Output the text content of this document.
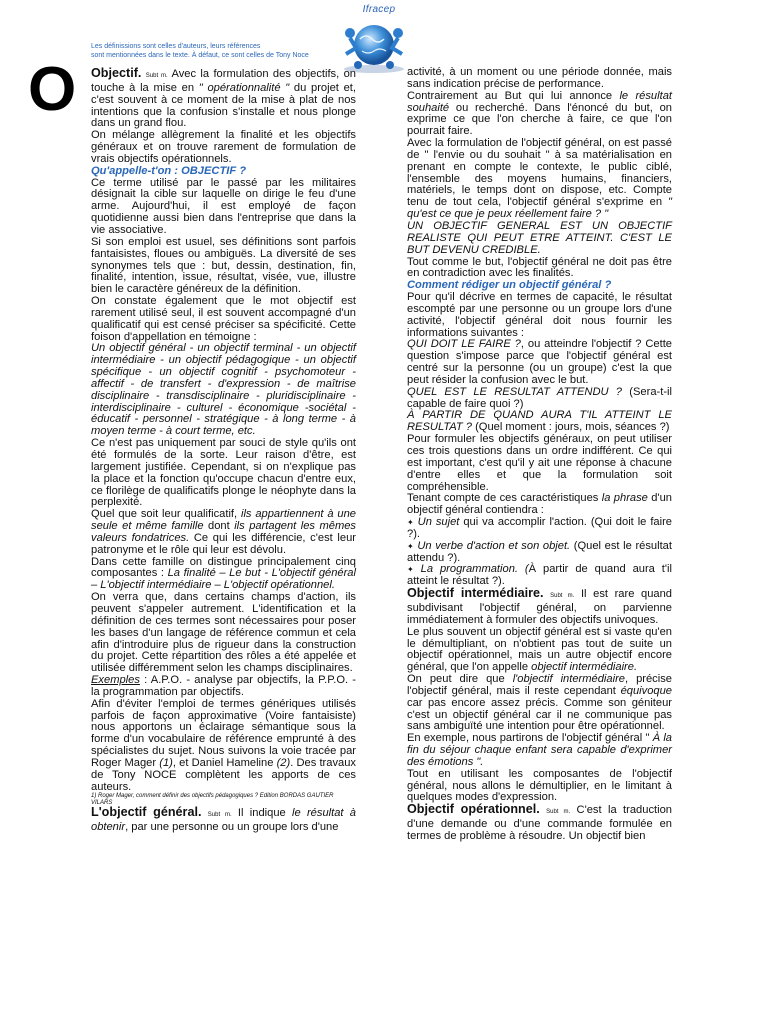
Les définissions sont celles d'auteurs, leurs références
sont mentionnées dans le texte. À défaut, ce sont celles de Tony Noce
Ifracep
O Objectif. Subt m. Avec la formulation des objectifs, on touche à la mise en " opérationnalité " du projet et, c'est souvent à ce moment de la mise à plat de nos intentions que la confusion s'installe et nous plonge dans un grand flou.

On mélange allègrement la finalité et les objectifs généraux et on trouve rarement de formulation de vrais objectifs opérationnels.

Qu'appelle-t'on : OBJECTIF ?

Ce terme utilisé par le passé par les militaires désignait la cible sur laquelle on dirige le feu d'une arme. Aujourd'hui, il est employé de façon quotidienne aussi bien dans l'entreprise que dans la vie associative.

Si son emploi est usuel, ses définitions sont parfois fantaisistes, floues ou ambiguës. La diversité de ses synonymes tels que : but, dessin, destination, fin, finalité, intention, issue, résultat, visée, vue, illustre bien le caractère généreux de la définition.

On constate également que le mot objectif est rarement utilisé seul, il est souvent accompagné d'un qualificatif qui est censé préciser sa spécificité. Cette foison d'appellation en témoigne :

Un objectif général - un objectif terminal - un objectif intermédiaire - un objectif pédagogique - un objectif spécifique - un objectif cognitif - psychomoteur - affectif - de transfert - d'expression - de maîtrise disciplinaire - transdisciplinaire - pluridisciplinaire - interdisciplinaire - culturel - économique -sociétal - éducatif - personnel - stratégique - à long terme - à moyen terme - à court terme, etc.

Ce n'est pas uniquement par souci de style qu'ils ont été formulés de la sorte. Leur raison d'être, est largement justifiée. Cependant, si on n'explique pas la place et la fonction qu'occupe chacun d'entre eux, ce florilège de qualificatifs plonge le néophyte dans la perplexité.

Quel que soit leur qualificatif, ils appartiennent à une seule et même famille dont ils partagent les mêmes valeurs fondatrices. Ce qui les différencie, c'est leur patronyme et le rôle qui leur est dévolu.

Dans cette famille on distingue principalement cinq composantes : La finalité – Le but - L'objectif général – L'objectif intermédiaire – L'objectif opérationnel.

On verra que, dans certains champs d'action, ils peuvent s'appeler autrement. L'identification et la définition de ces termes sont nécessaires pour poser les bases d'un langage de référence commun et cela afin d'introduire plus de rigueur dans la construction du projet. Cette répartition des rôles a été appelée et utilisée différemment selon les champs disciplinaires.

Exemples : A.P.O. - analyse par objectifs, la P.P.O. - la programmation par objectifs.

Afin d'éviter l'emploi de termes génériques utilisés parfois de façon approximative (Voire fantaisiste) nous apportons un éclairage sémantique sous la forme d'un vocabulaire de référence emprunté à des spécialistes du sujet. Nous suivons la voie tracée par Roger Mager (1), et Daniel Hameline (2). Des travaux de Tony NOCE complètent les apports de ces auteurs.

1) Roger Mager, comment définir des objectifs pédagogiques ? Edition BORDAS GAUTIER VILARS

L'objectif général. Subt m. Il indique le résultat à obtenir, par une personne ou un groupe lors d'une

activité, à un moment ou une période donnée, mais sans indication précise de performance.

Contrairement au But qui lui annonce le résultat souhaité ou recherché. Dans l'énoncé du but, on exprime ce que l'on cherche à faire, ce que l'on pourrait faire.

Avec la formulation de l'objectif général, on est passé de " l'envie ou du souhait " à sa matérialisation en prenant en compte le contexte, le public ciblé, l'ensemble des moyens humains, financiers, matériels, le temps dont on dispose, etc. Compte tenu de tout cela, l'objectif général s'exprime en " qu'est ce que je peux réellement faire ? "

UN OBJECTIF GENERAL EST UN OBJECTIF REALISTE QUI PEUT ETRE ATTEINT. C'EST LE BUT DEVENU CREDIBLE.

Tout comme le but, l'objectif général ne doit pas être en contradiction avec les finalités.

Comment rédiger un objectif général ?

Pour qu'il décrive en termes de capacité, le résultat escompté par une personne ou un groupe lors d'une activité, l'objectif général doit nous fournir les informations suivantes :

QUI DOIT LE FAIRE ?, ou atteindre l'objectif ? Cette question s'impose parce que l'objectif général est centré sur la personne (ou un groupe) c'est la que peut résider la confusion avec le but.

QUEL EST LE RESULTAT ATTENDU ? (Sera-t-il capable de faire quoi ?)

À PARTIR DE QUAND AURA T'IL ATTEINT LE RESULTAT ? (Quel moment : jours, mois, séances ?)

Pour formuler les objectifs généraux, on peut utiliser ces trois questions dans un ordre indifférent. Ce qui est important, c'est qu'il y ait une réponse à chacune d'entre elles et que la formulation soit compréhensible.

Tenant compte de ces caractéristiques la phrase d'un objectif général contiendra :

✦ Un sujet qui va accomplir l'action. (Qui doit le faire ?).

✦ Un verbe d'action et son objet. (Quel est le résultat attendu ?).

✦ La programmation. (À partir de quand aura t'il atteint le résultat ?).

Objectif intermédiaire. Subt m. Il est rare quand subdivisant l'objectif général, on parvienne immédiatement à formuler des objectifs univoques.

Le plus souvent un objectif général est si vaste qu'en le démultipliant, on n'obtient pas tout de suite un objectif opérationnel, mais un autre objectif encore général, que l'on appelle objectif intermédiaire.

On peut dire que l'objectif intermédiaire, précise l'objectif général, mais il reste cependant équivoque car pas encore assez précis. Comme son géniteur c'est un objectif général car il ne communique pas sans ambiguïté une intention pour être opérationnel.

En exemple, nous partirons de l'objectif général " À la fin du séjour chaque enfant sera capable d'exprimer des émotions ".

Tout en utilisant les composantes de l'objectif général, nous allons le démultiplier, en le limitant à quelques modes d'expression.

Objectif opérationnel. Subt m. C'est la traduction d'une demande ou d'une commande formulée en termes de problème à résoudre. Un objectif bien
